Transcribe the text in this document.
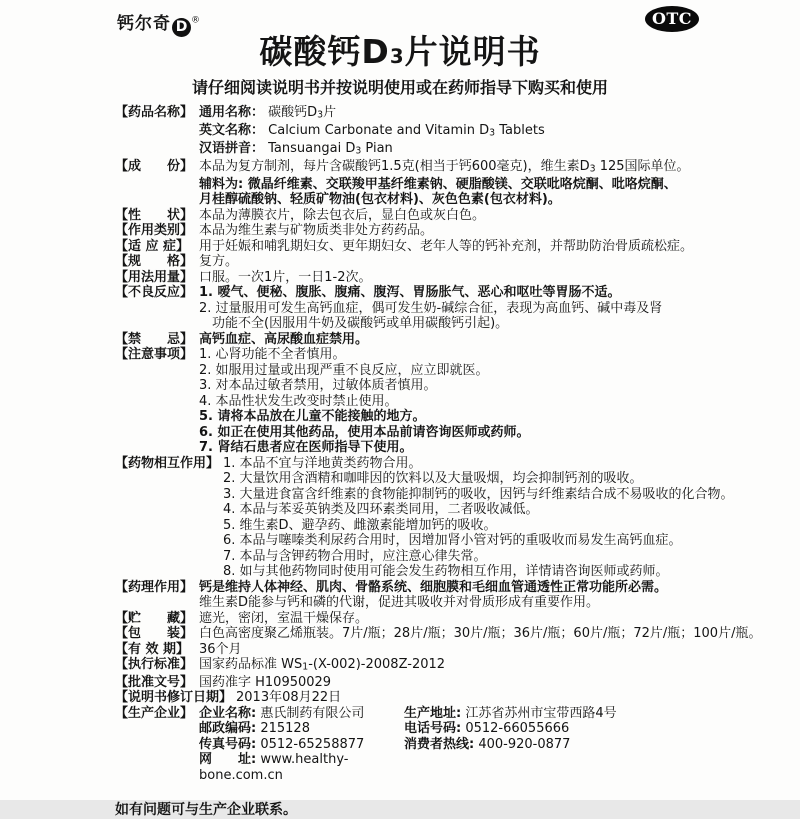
钙尔奇 D ®	OTC
碳酸钙D3片说明书
请仔细阅读说明书并按说明使用或在药师指导下购买和使用
【药品名称】 通用名称： 碳酸钙$D_3$片
英文名称： Calcium Carbonate and Vitamin $D_3$ Tablets
汉语拼音： Tansuangai $D_3$ Pian
【成　　份】 本品为复方制剂，每片含碳酸钙1.5克(相当于钙600毫克)，维生素$D_3$ 125国际单位。
辅料为: 微晶纤维素、交联羧甲基纤维素钠、硬脂酸镁、交联吡咯烷酮、吡咯烷酮、
月桂醇硫酸钠、轻质矿物油(包衣材料)、灰色色素(包衣材料)。
【性　　状】 本品为薄膜衣片，除去包衣后，显白色或灰白色。
【作用类别】 本品为维生素与矿物质类非处方药药品。
【适 应 症】 用于妊娠和哺乳期妇女、更年期妇女、老年人等的钙补充剂，并帮助防治骨质疏松症。
【规　　格】 复方。
【用法用量】 口服。一次1片，一日1-2次。
【不良反应】 1. 嗳气、便秘、腹胀、腹痛、腹泻、胃肠胀气、恶心和呕吐等胃肠不适。
2. 过量服用可发生高钙血症，偶可发生奶-碱综合征，表现为高血钙、碱中毒及肾
功能不全(因服用牛奶及碳酸钙或单用碳酸钙引起)。
【禁　　忌】 高钙血症、高尿酸血症禁用。
【注意事项】 1. 心肾功能不全者慎用。
2. 如服用过量或出现严重不良反应，应立即就医。
3. 对本品过敏者禁用，过敏体质者慎用。
4. 本品性状发生改变时禁止使用。
5. 请将本品放在儿童不能接触的地方。
6. 如正在使用其他药品，使用本品前请咨询医师或药师。
7. 肾结石患者应在医师指导下使用。
【药物相互作用】 1. 本品不宜与洋地黄类药物合用。
2. 大量饮用含酒精和咖啡因的饮料以及大量吸烟，均会抑制钙剂的吸收。
3. 大量进食富含纤维素的食物能抑制钙的吸收，因钙与纤维素结合成不易吸收的化合物。
4. 本品与苯妥英钠类及四环素类同用，二者吸收减低。
5. 维生素D、避孕药、雌激素能增加钙的吸收。
6. 本品与噻嗪类利尿药合用时，因增加肾小管对钙的重吸收而易发生高钙血症。
7. 本品与含钾药物合用时，应注意心律失常。
8. 如与其他药物同时使用可能会发生药物相互作用，详情请咨询医师或药师。
【药理作用】 钙是维持人体神经、肌肉、骨骼系统、细胞膜和毛细血管通透性正常功能所必需。
维生素D能参与钙和磷的代谢，促进其吸收并对骨质形成有重要作用。
【贮　　藏】 遮光，密闭，室温干燥保存。
【包　　装】 白色高密度聚乙烯瓶装。7片/瓶；28片/瓶；30片/瓶；36片/瓶；60片/瓶；72片/瓶；100片/瓶。
【有 效 期】 36个月
【执行标准】 国家药品标准 $WS_1-(X-002)-2008Z-2012$
【批准文号】 国药准字 H10950029
【说明书修订日期】 2013年08月22日
【生产企业】 企业名称: 惠氏制药有限公司	生产地址: 江苏省苏州市宝带西路4号
邮政编码: 215128	电话号码: 0512-66055666
传真号码: 0512-65258877	消费者热线: 400-920-0877
网　　址: www.healthy-bone.com.cn
如有问题可与生产企业联系。
